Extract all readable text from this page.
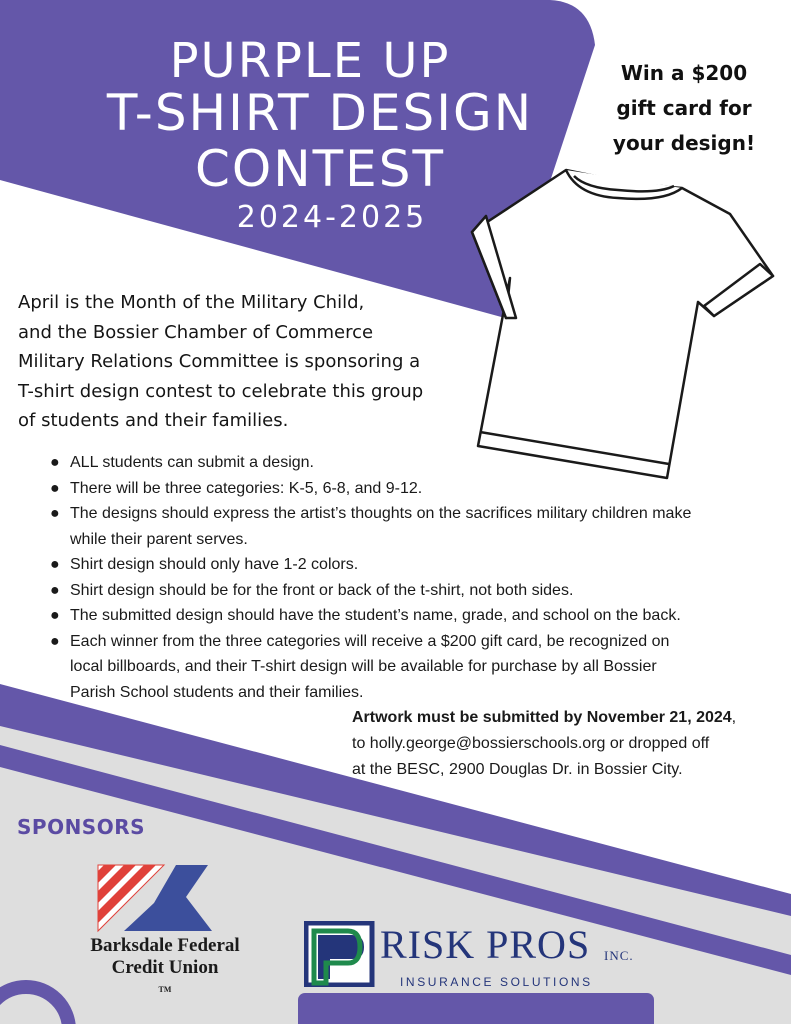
PURPLE UP
T-SHIRT DESIGN
CONTEST
2024-2025
Win a $200
gift card for
your design!
April is the Month of the Military Child,
and the Bossier Chamber of Commerce
Military Relations Committee is sponsoring a
T-shirt design contest to celebrate this group
of students and their families.
● ALL students can submit a design.
● There will be three categories: K-5, 6-8, and 9-12.
● The designs should express the artist’s thoughts on the sacrifices military children make
while their parent serves.
● Shirt design should only have 1-2 colors.
● Shirt design should be for the front or back of the t-shirt, not both sides.
● The submitted design should have the student’s name, grade, and school on the back.
● Each winner from the three categories will receive a $200 gift card, be recognized on
local billboards, and their T-shirt design will be available for purchase by all Bossier
Parish School students and their families.
Artwork must be submitted by November 21, 2024,
to holly.george@bossierschools.org or dropped off
at the BESC, 2900 Douglas Dr. in Bossier City.
SPONSORS
Barksdale Federal
Credit Union
™
RISK PROS INC.
INSURANCE SOLUTIONS
